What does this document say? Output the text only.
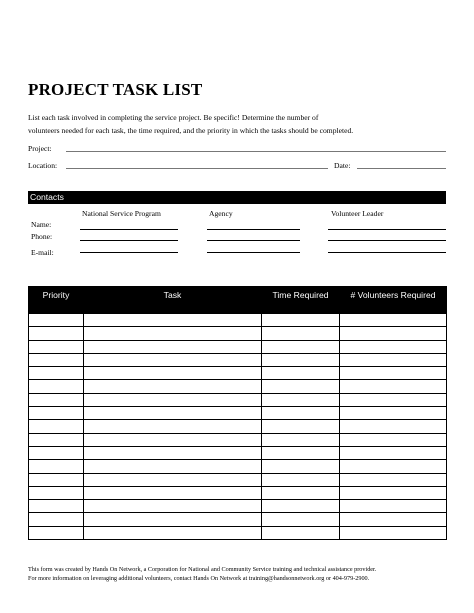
PROJECT TASK LIST
List each task involved in completing the service project. Be specific! Determine the number of
volunteers needed for each task, the time required, and the priority in which the tasks should be completed.
Project:
Location:	Date:
Contacts
National Service Program	Agency	Volunteer Leader
Name:
Phone:
E-mail:
Priority	Task	Time Required	# Volunteers Required

This form was created by Hands On Network, a Corporation for National and Community Service training and technical assistance provider.
For more information on leveraging additional volunteers, contact Hands On Network at training@handsonnetwork.org or 404-979-2900.
